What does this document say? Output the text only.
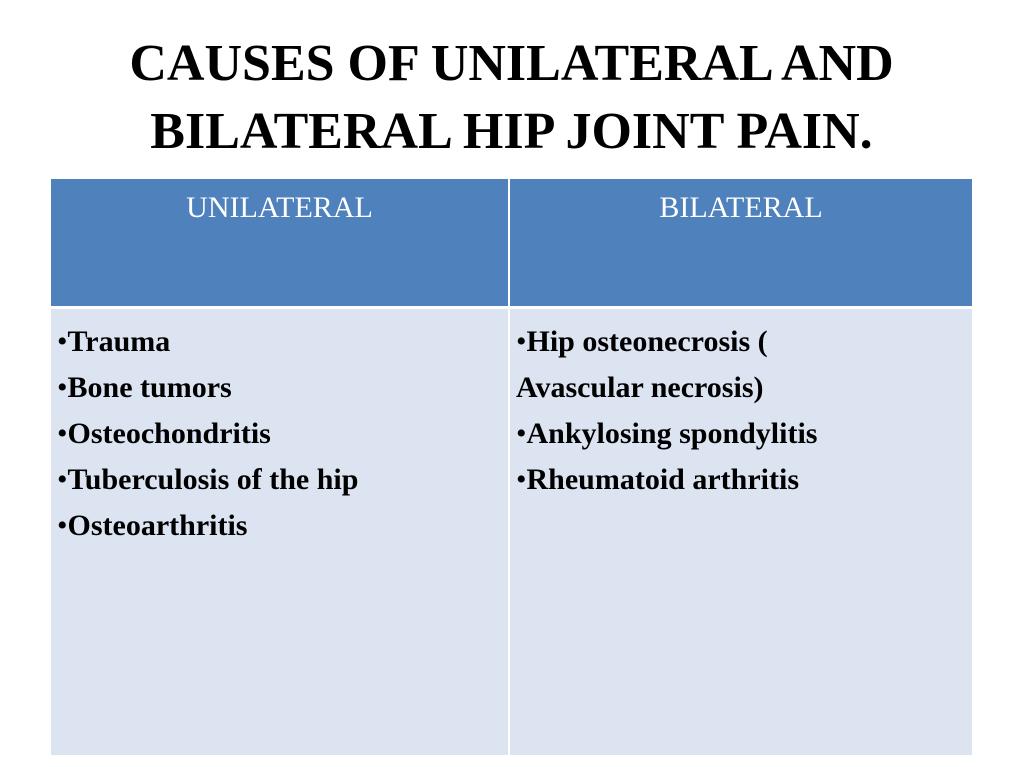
CAUSES OF UNILATERAL AND
BILATERAL HIP JOINT PAIN.
UNILATERAL	BILATERAL
•Trauma
•Bone tumors
•Osteochondritis
•Tuberculosis of the hip
•Osteoarthritis
•Hip osteonecrosis (
Avascular necrosis)
•Ankylosing spondylitis
•Rheumatoid arthritis
